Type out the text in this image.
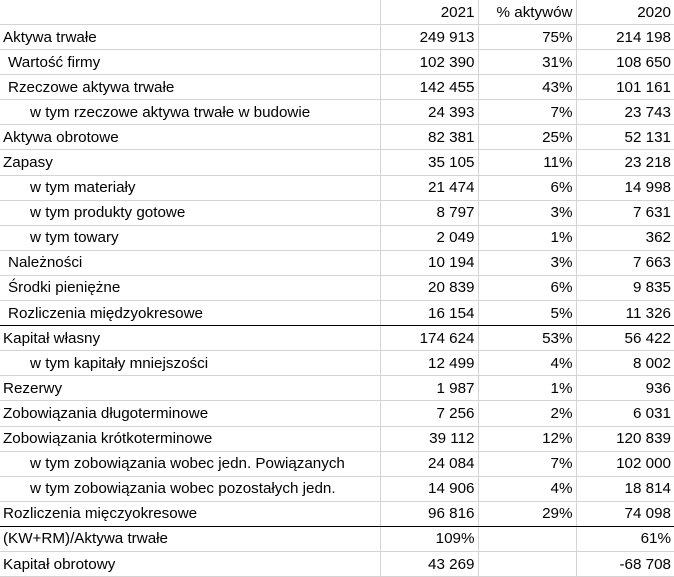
	2021	% aktywów	2020
Aktywa trwałe	249 913	75%	214 198
Wartość firmy	102 390	31%	108 650
Rzeczowe aktywa trwałe	142 455	43%	101 161
w tym rzeczowe aktywa trwałe w budowie	24 393	7%	23 743
Aktywa obrotowe	82 381	25%	52 131
Zapasy	35 105	11%	23 218
w tym materiały	21 474	6%	14 998
w tym produkty gotowe	8 797	3%	7 631
w tym towary	2 049	1%	362
Należności	10 194	3%	7 663
Środki pieniężne	20 839	6%	9 835
Rozliczenia międzyokresowe	16 154	5%	11 326
Kapitał własny	174 624	53%	56 422
w tym kapitały mniejszości	12 499	4%	8 002
Rezerwy	1 987	1%	936
Zobowiązania długoterminowe	7 256	2%	6 031
Zobowiązania krótkoterminowe	39 112	12%	120 839
w tym zobowiązania wobec jedn. Powiązanych	24 084	7%	102 000
w tym zobowiązania wobec pozostałych jedn.	14 906	4%	18 814
Rozliczenia mięczyokresowe	96 816	29%	74 098
(KW+RM)/Aktywa trwałe	109%		61%
Kapitał obrotowy	43 269		-68 708
